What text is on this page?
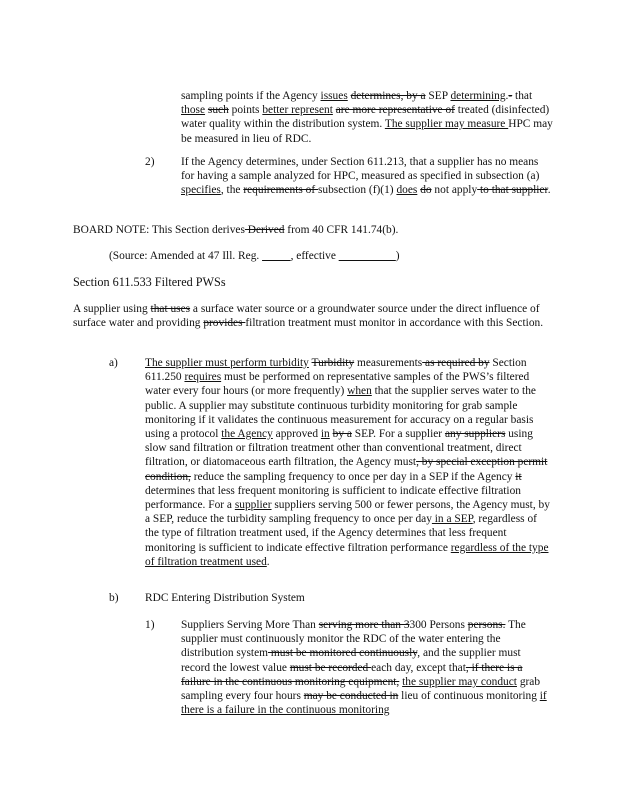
sampling points if the Agency issues determines, by a SEP determining.- that those such points better represent are more representative of treated (disinfected) water quality within the distribution system. The supplier may measure HPC may be measured in lieu of RDC.
2) If the Agency determines, under Section 611.213, that a supplier has no means for having a sample analyzed for HPC, measured as specified in subsection (a) specifies, the requirements of subsection (f)(1) does do not apply to that supplier.
BOARD NOTE: This Section derives Derived from 40 CFR 141.74(b).
(Source: Amended at 47 Ill. Reg. _____, effective __________)
Section 611.533 Filtered PWSs
A supplier using that uses a surface water source or a groundwater source under the direct influence of surface water and providing provides filtration treatment must monitor in accordance with this Section.
a) The supplier must perform turbidity Turbidity measurements as required by Section 611.250 requires must be performed on representative samples of the PWS’s filtered water every four hours (or more frequently) when that the supplier serves water to the public. A supplier may substitute continuous turbidity monitoring for grab sample monitoring if it validates the continuous measurement for accuracy on a regular basis using a protocol the Agency approved in by a SEP. For a supplier any suppliers using slow sand filtration or filtration treatment other than conventional treatment, direct filtration, or diatomaceous earth filtration, the Agency must, by special exception permit condition, reduce the sampling frequency to once per day in a SEP if the Agency it determines that less frequent monitoring is sufficient to indicate effective filtration performance. For a supplier suppliers serving 500 or fewer persons, the Agency must, by a SEP, reduce the turbidity sampling frequency to once per day in a SEP, regardless of the type of filtration treatment used, if the Agency determines that less frequent monitoring is sufficient to indicate effective filtration performance regardless of the type of filtration treatment used.
b) RDC Entering Distribution System
1) Suppliers Serving More Than serving more than 3300 Persons persons. The supplier must continuously monitor the RDC of the water entering the distribution system must be monitored continuously, and the supplier must record the lowest value must be recorded each day, except that, if there is a failure in the continuous monitoring equipment, the supplier may conduct grab sampling every four hours may be conducted in lieu of continuous monitoring if there is a failure in the continuous monitoring
